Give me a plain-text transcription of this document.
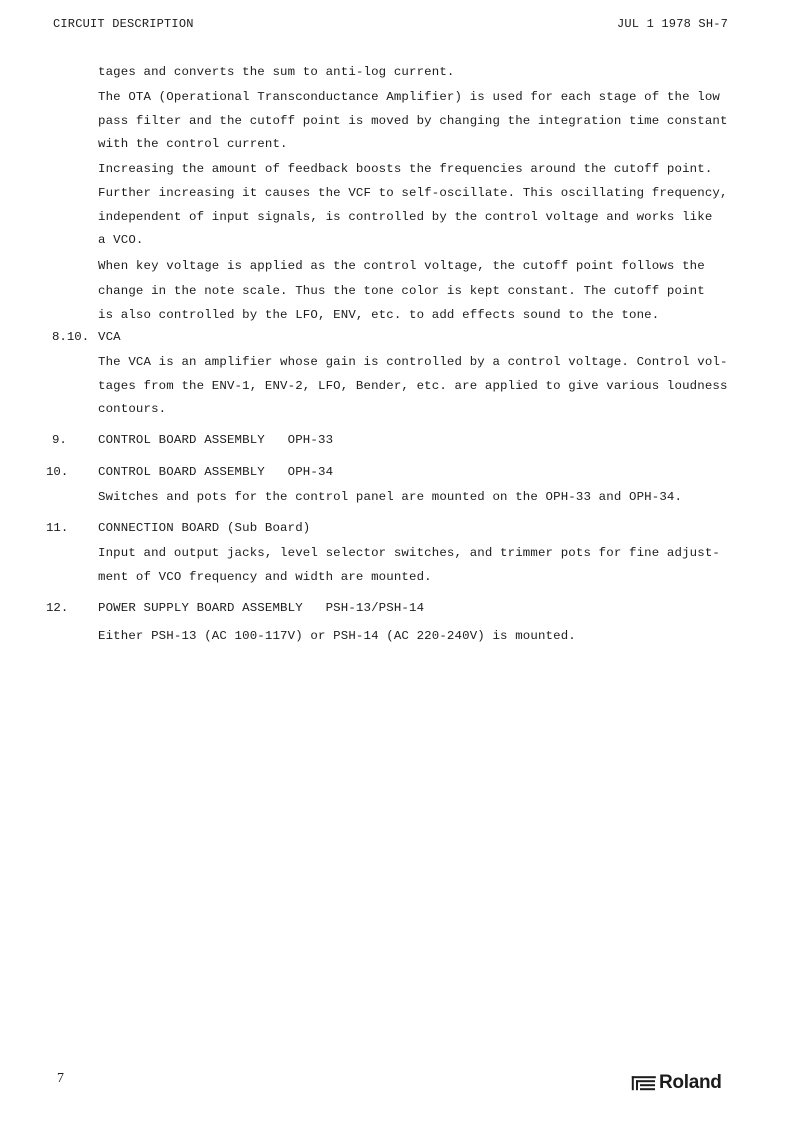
CIRCUIT DESCRIPTION	JUL 1 1978 SH-7
tages and converts the sum to anti-log current.
The OTA (Operational Transconductance Amplifier) is used for each stage of the low
pass filter and the cutoff point is moved by changing the integration time constant
with the control current.
Increasing the amount of feedback boosts the frequencies around the cutoff point.
Further increasing it causes the VCF to self-oscillate. This oscillating frequency,
independent of input signals, is controlled by the control voltage and works like
a VCO.
When key voltage is applied as the control voltage, the cutoff point follows the
change in the note scale. Thus the tone color is kept constant. The cutoff point
is also controlled by the LFO, ENV, etc. to add effects sound to the tone.
8.10. VCA
The VCA is an amplifier whose gain is controlled by a control voltage. Control vol-
tages from the ENV-1, ENV-2, LFO, Bender, etc. are applied to give various loudness
contours.
9.	CONTROL BOARD ASSEMBLY   OPH-33
10. CONTROL BOARD ASSEMBLY   OPH-34
Switches and pots for the control panel are mounted on the OPH-33 and OPH-34.
11. CONNECTION BOARD (Sub Board)
Input and output jacks, level selector switches, and trimmer pots for fine adjust-
ment of VCO frequency and width are mounted.
12. POWER SUPPLY BOARD ASSEMBLY   PSH-13/PSH-14
Either PSH-13 (AC 100-117V) or PSH-14 (AC 220-240V) is mounted.
7	Roland
